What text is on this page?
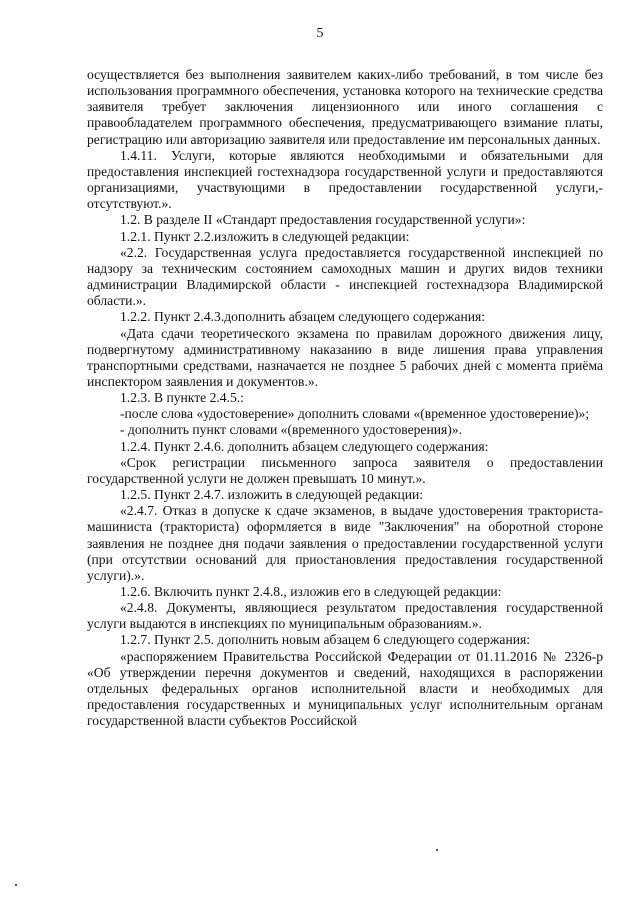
5

осуществляется без выполнения заявителем каких-либо требований, в том числе без использования программного обеспечения, установка которого на технические средства заявителя требует заключения лицензионного или иного соглашения с правообладателем программного обеспечения, предусматривающего взимание платы, регистрацию или авторизацию заявителя или предоставление им персональных данных.

1.4.11. Услуги, которые являются необходимыми и обязательными для предоставления инспекцией гостехнадзора государственной услуги и предоставляются организациями, участвующими в предоставлении государственной услуги,- отсутствуют.».

1.2. В разделе II «Стандарт предоставления государственной услуги»:

1.2.1. Пункт 2.2.изложить в следующей редакции:

«2.2. Государственная услуга предоставляется государственной инспекцией по надзору за техническим состоянием самоходных машин и других видов техники администрации Владимирской области - инспекцией гостехнадзора Владимирской области.».

1.2.2. Пункт 2.4.3.дополнить абзацем следующего содержания:

«Дата сдачи теоретического экзамена по правилам дорожного движения лицу, подвергнутому административному наказанию в виде лишения права управления транспортными средствами, назначается не позднее 5 рабочих дней с момента приёма инспектором заявления и документов.».

1.2.3. В пункте 2.4.5.:

-после слова «удостоверение» дополнить словами «(временное удостоверение)»;

- дополнить пункт словами «(временного удостоверения)».

1.2.4. Пункт 2.4.6. дополнить абзацем следующего содержания:

«Срок регистрации письменного запроса заявителя о предоставлении государственной услуги не должен превышать 10 минут.».

1.2.5. Пункт 2.4.7. изложить в следующей редакции:

«2.4.7. Отказ в допуске к сдаче экзаменов, в выдаче удостоверения тракториста-машиниста (тракториста) оформляется в виде "Заключения" на оборотной стороне заявления не позднее дня подачи заявления о предоставлении государственной услуги (при отсутствии оснований для приостановления предоставления государственной услуги).».

1.2.6. Включить пункт 2.4.8., изложив его в следующей редакции:

«2.4.8. Документы, являющиеся результатом предоставления государственной услуги выдаются в инспекциях по муниципальным образованиям.».

1.2.7. Пункт 2.5. дополнить новым абзацем 6 следующего содержания:

«распоряжением Правительства Российской Федерации от 01.11.2016 № 2326-р «Об утверждении перечня документов и сведений, находящихся в распоряжении отдельных федеральных органов исполнительной власти и необходимых для предоставления государственных и муниципальных услуг исполнительным органам государственной власти субъектов Российской
